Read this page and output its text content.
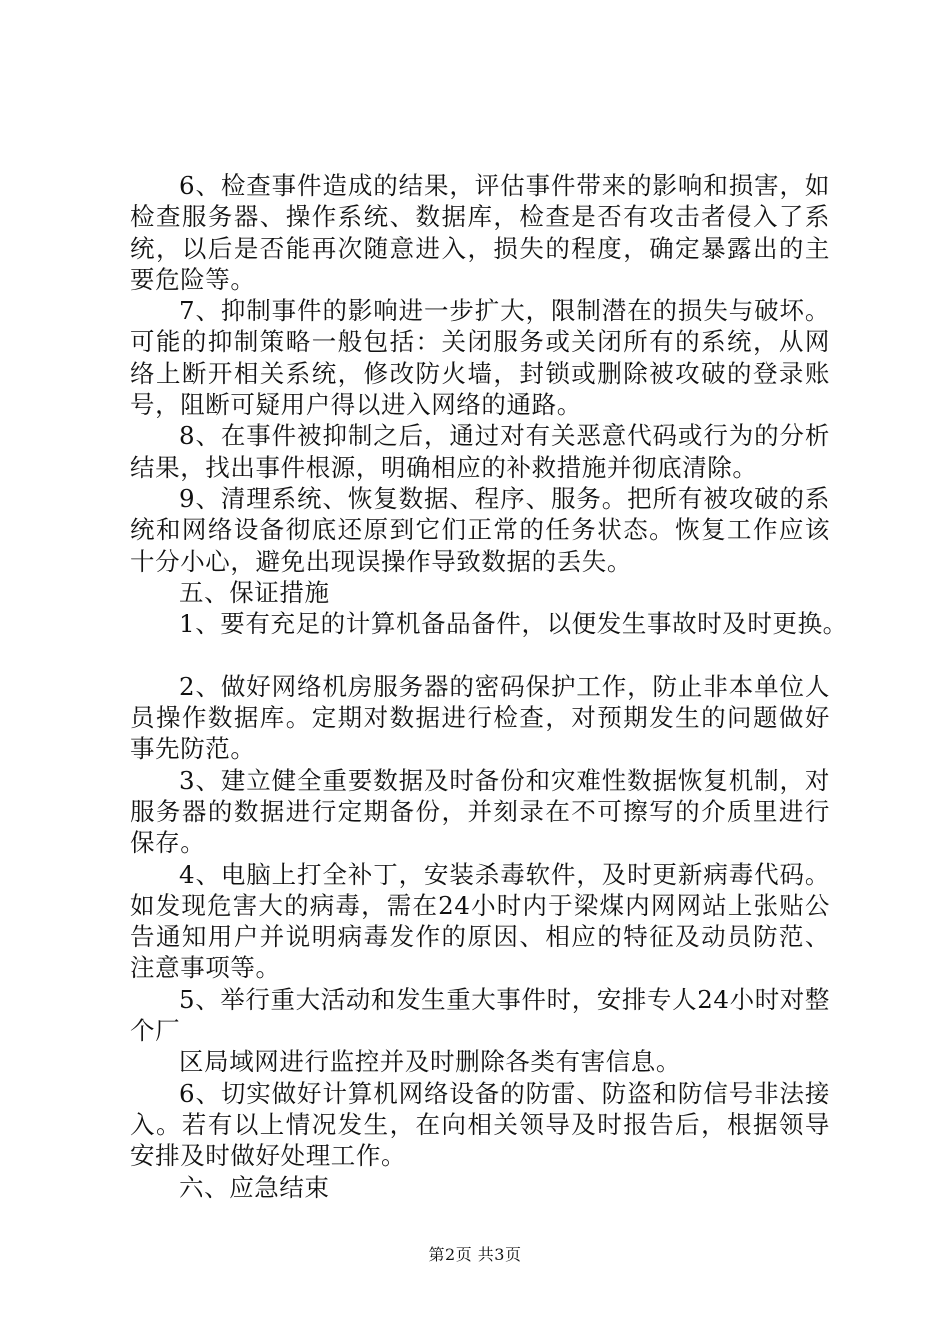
6、检查事件造成的结果，评估事件带来的影响和损害，如检查服务器、操作系统、数据库，检查是否有攻击者侵入了系统，以后是否能再次随意进入，损失的程度，确定暴露出的主要危险等。

7、抑制事件的影响进一步扩大，限制潜在的损失与破坏。可能的抑制策略一般包括：关闭服务或关闭所有的系统，从网络上断开相关系统，修改防火墙，封锁或删除被攻破的登录账号，阻断可疑用户得以进入网络的通路。

8、在事件被抑制之后，通过对有关恶意代码或行为的分析结果，找出事件根源，明确相应的补救措施并彻底清除。

9、清理系统、恢复数据、程序、服务。把所有被攻破的系统和网络设备彻底还原到它们正常的任务状态。恢复工作应该十分小心，避免出现误操作导致数据的丢失。

五、保证措施

1、要有充足的计算机备品备件，以便发生事故时及时更换。

2、做好网络机房服务器的密码保护工作，防止非本单位人员操作数据库。定期对数据进行检查，对预期发生的问题做好事先防范。

3、建立健全重要数据及时备份和灾难性数据恢复机制，对服务器的数据进行定期备份，并刻录在不可擦写的介质里进行保存。

4、电脑上打全补丁，安装杀毒软件，及时更新病毒代码。如发现危害大的病毒，需在24小时内于梁煤内网网站上张贴公告通知用户并说明病毒发作的原因、相应的特征及动员防范、注意事项等。

5、举行重大活动和发生重大事件时，安排专人24小时对整个厂

区局域网进行监控并及时删除各类有害信息。

6、切实做好计算机网络设备的防雷、防盗和防信号非法接入。若有以上情况发生，在向相关领导及时报告后，根据领导安排及时做好处理工作。

六、应急结束

第2页 共3页
